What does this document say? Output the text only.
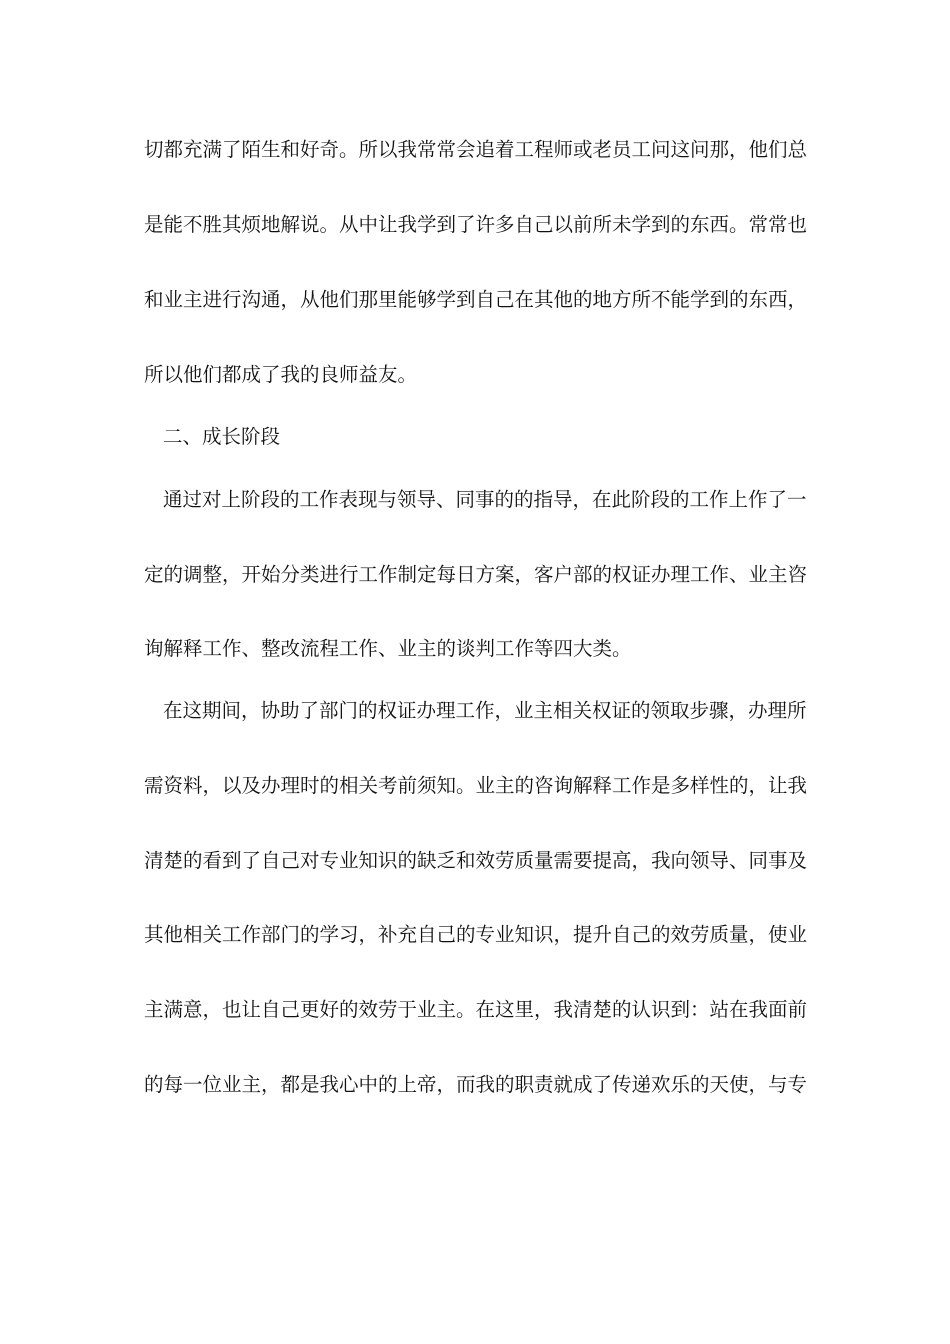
切都充满了陌生和好奇。所以我常常会追着工程师或老员工问这问那，他们总
是能不胜其烦地解说。从中让我学到了许多自己以前所未学到的东西。常常也
和业主进行沟通，从他们那里能够学到自己在其他的地方所不能学到的东西，
所以他们都成了我的良师益友。
二、成长阶段
通过对上阶段的工作表现与领导、同事的的指导，在此阶段的工作上作了一
定的调整，开始分类进行工作制定每日方案，客户部的权证办理工作、业主咨
询解释工作、整改流程工作、业主的谈判工作等四大类。
在这期间，协助了部门的权证办理工作，业主相关权证的领取步骤，办理所
需资料，以及办理时的相关考前须知。业主的咨询解释工作是多样性的，让我
清楚的看到了自己对专业知识的缺乏和效劳质量需要提高，我向领导、同事及
其他相关工作部门的学习，补充自己的专业知识，提升自己的效劳质量，使业
主满意，也让自己更好的效劳于业主。在这里，我清楚的认识到：站在我面前
的每一位业主，都是我心中的上帝，而我的职责就成了传递欢乐的天使，与专
